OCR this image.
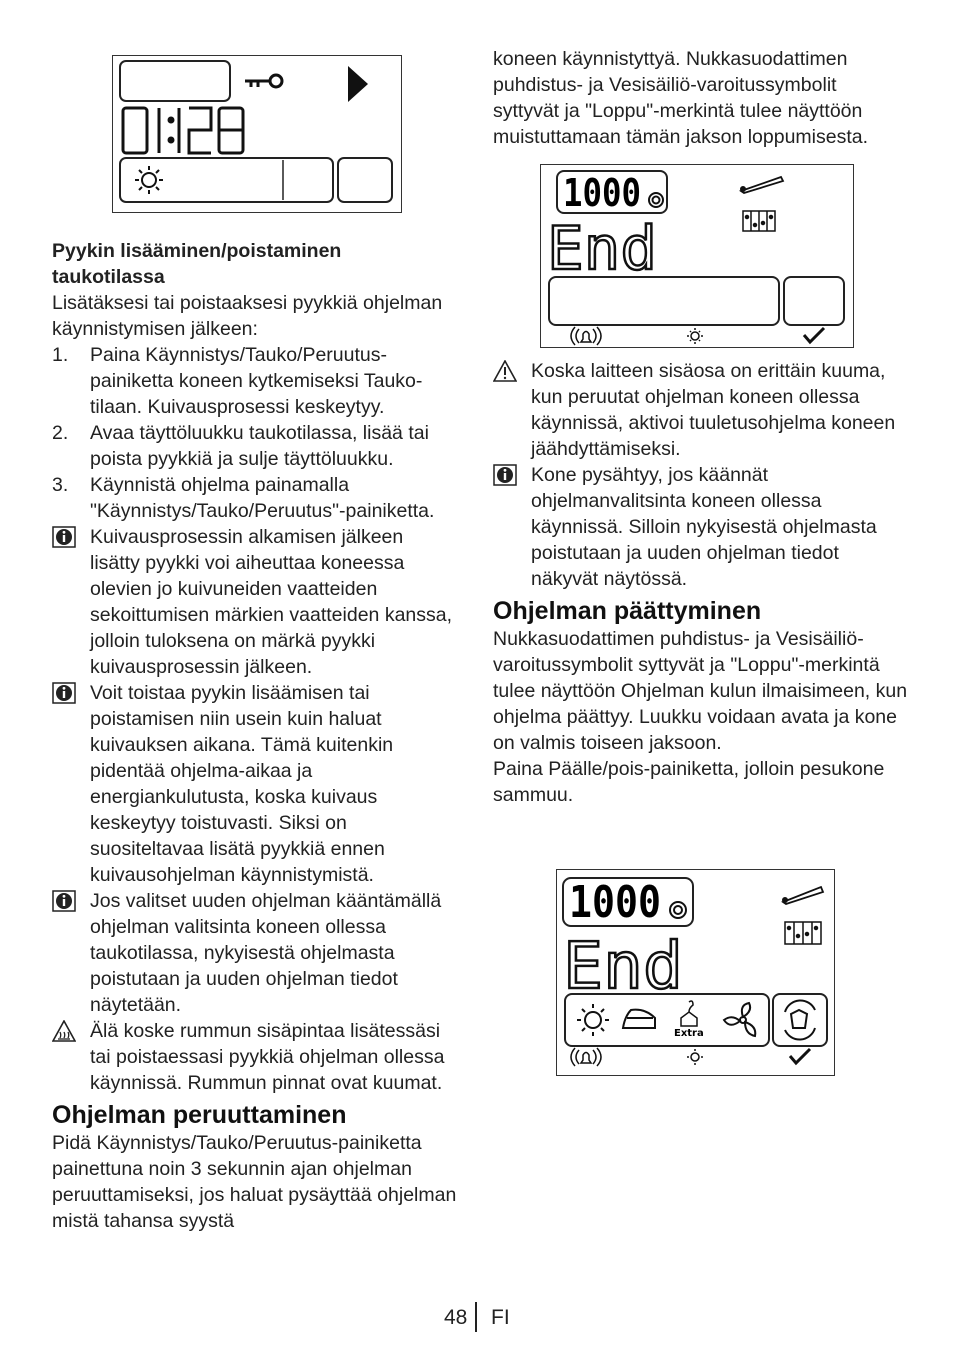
Pyykin lisääminen/poistaminen taukotilassa

Lisätäksesi tai poistaaksesi pyykkiä ohjelman käynnistymisen jälkeen:

1. Paina Käynnistys/Tauko/Peruutus-painiketta koneen kytkemiseksi Tauko-tilaan. Kuivausprosessi keskeytyy.
2. Avaa täyttöluukku taukotilassa, lisää tai poista pyykkiä ja sulje täyttöluukku.
3. Käynnistä ohjelma painamalla "Käynnistys/Tauko/Peruutus"-painiketta.
Kuivausprosessin alkamisen jälkeen lisätty pyykki voi aiheuttaa koneessa olevien jo kuivuneiden vaatteiden sekoittumisen märkien vaatteiden kanssa, jolloin tuloksena on märkä pyykki kuivausprosessin jälkeen.
Voit toistaa pyykin lisäämisen tai poistamisen niin usein kuin haluat kuivauksen aikana. Tämä kuitenkin pidentää ohjelma-aikaa ja energiankulutusta, koska kuivaus keskeytyy toistuvasti. Siksi on suositeltavaa lisätä pyykkiä ennen kuivausohjelman käynnistymistä.
Jos valitset uuden ohjelman kääntämällä ohjelman valitsinta koneen ollessa taukotilassa, nykyisestä ohjelmasta poistutaan ja uuden ohjelman tiedot näytetään.
Älä koske rummun sisäpintaa lisätessäsi tai poistaessasi pyykkiä ohjelman ollessa käynnissä. Rummun pinnat ovat kuumat.
Ohjelman peruuttaminen

Pidä Käynnistys/Tauko/Peruutus-painiketta painettuna noin 3 sekunnin ajan ohjelman peruuttamiseksi, jos haluat pysäyttää ohjelman mistä tahansa syystä

koneen käynnistyttyä. Nukkasuodattimen puhdistus- ja Vesisäiliö-varoitussymbolit syttyvät ja "Loppu"-merkintä tulee näyttöön muistuttamaan tämän jakson loppumisesta.

1000
End
Koska laitteen sisäosa on erittäin kuuma, kun peruutat ohjelman koneen ollessa käynnissä, aktivoi tuuletusohjelma koneen jäähdyttämiseksi.
Kone pysähtyy, jos käännät ohjelmanvalitsinta koneen ollessa käynnissä. Silloin nykyisestä ohjelmasta poistutaan ja uuden ohjelman tiedot näkyvät näytössä.
Ohjelman päättyminen

Nukkasuodattimen puhdistus- ja Vesisäiliö-varoitussymbolit syttyvät ja "Loppu"-merkintä tulee näyttöön Ohjelman kulun ilmaisimeen, kun ohjelma päättyy. Luukku voidaan avata ja kone on valmis toiseen jaksoon.

Paina Päälle/pois-painiketta, jolloin pesukone sammuu.

1000
End
Extra
48 FI
